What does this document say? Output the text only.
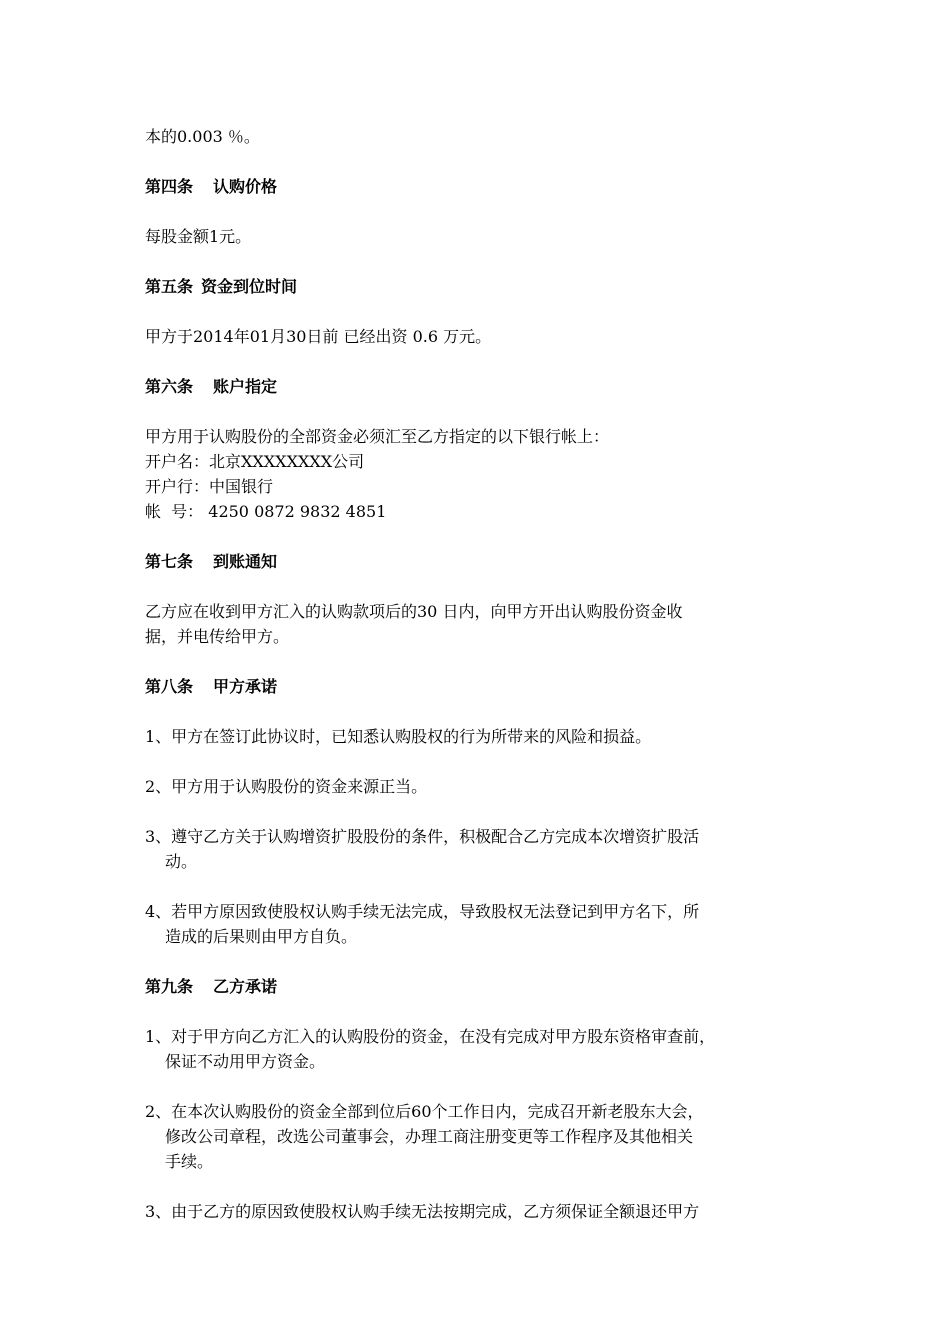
本的0.003 ％。

第四条 认购价格

每股金额1元。

第五条 资金到位时间

甲方于2014年01月30日前 已经出资 0.6 万元。

第六条 账户指定

甲方用于认购股份的全部资金必须汇至乙方指定的以下银行帐上：
开户名：北京XXXXXXXX公司
开户行：中国银行
帐  号： 4250 0872 9832 4851

第七条 到账通知

乙方应在收到甲方汇入的认购款项后的30 日内，向甲方开出认购股份资金收
据，并电传给甲方。

第八条 甲方承诺

1、甲方在签订此协议时，已知悉认购股权的行为所带来的风险和损益。
2、甲方用于认购股份的资金来源正当。
3、遵守乙方关于认购增资扩股股份的条件，积极配合乙方完成本次增资扩股活
动。
4、若甲方原因致使股权认购手续无法完成，导致股权无法登记到甲方名下，所
造成的后果则由甲方自负。

第九条 乙方承诺

1、对于甲方向乙方汇入的认购股份的资金，在没有完成对甲方股东资格审查前，
保证不动用甲方资金。
2、在本次认购股份的资金全部到位后60个工作日内，完成召开新老股东大会，
修改公司章程，改选公司董事会，办理工商注册变更等工作程序及其他相关
手续。
3、由于乙方的原因致使股权认购手续无法按期完成，乙方须保证全额退还甲方
